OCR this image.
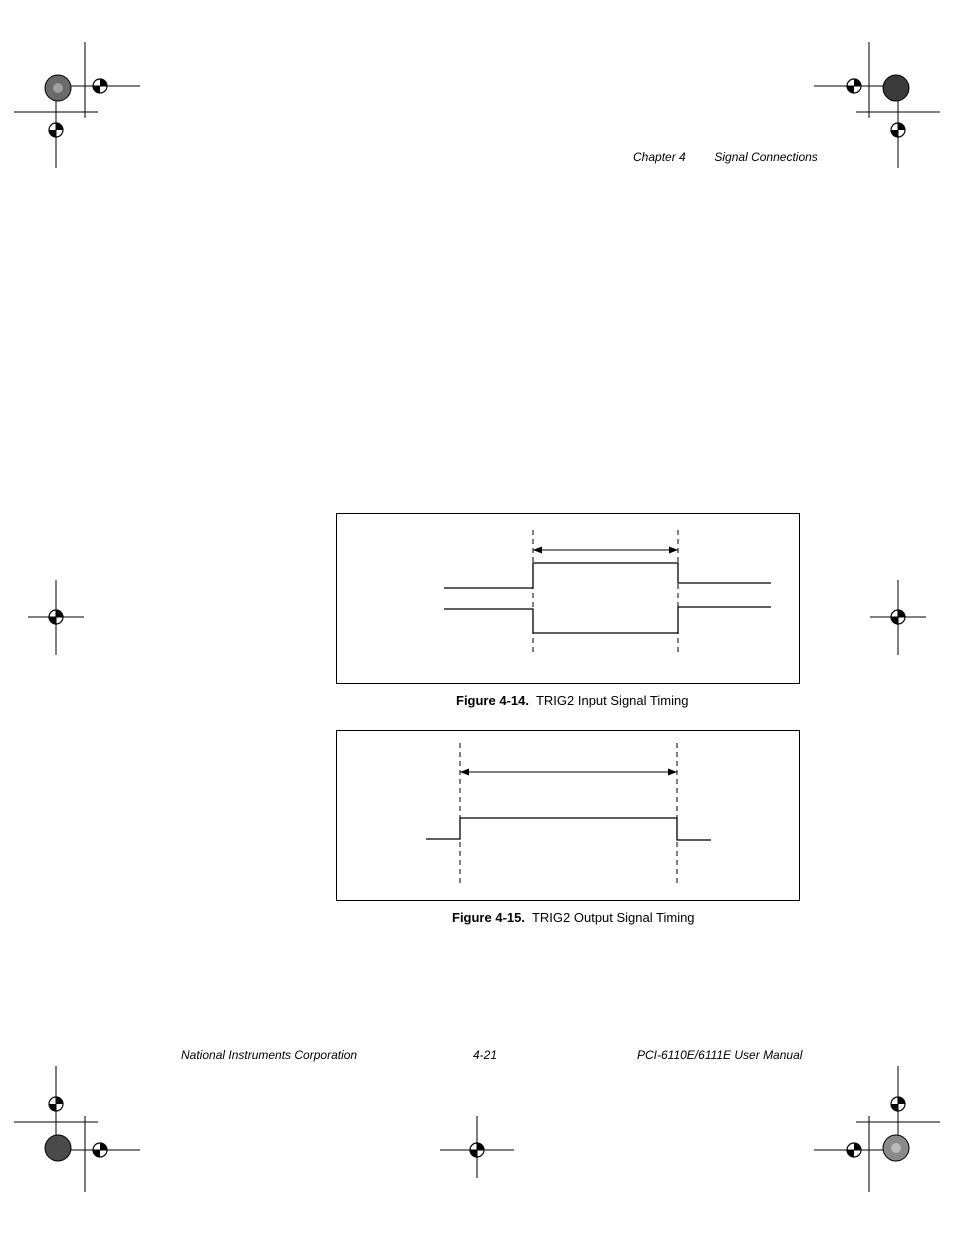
Chapter 4 Signal Connections
Figure 4-14. TRIG2 Input Signal Timing
Figure 4-15. TRIG2 Output Signal Timing
National Instruments Corporation	4-21	PCI-6110E/6111E User Manual
